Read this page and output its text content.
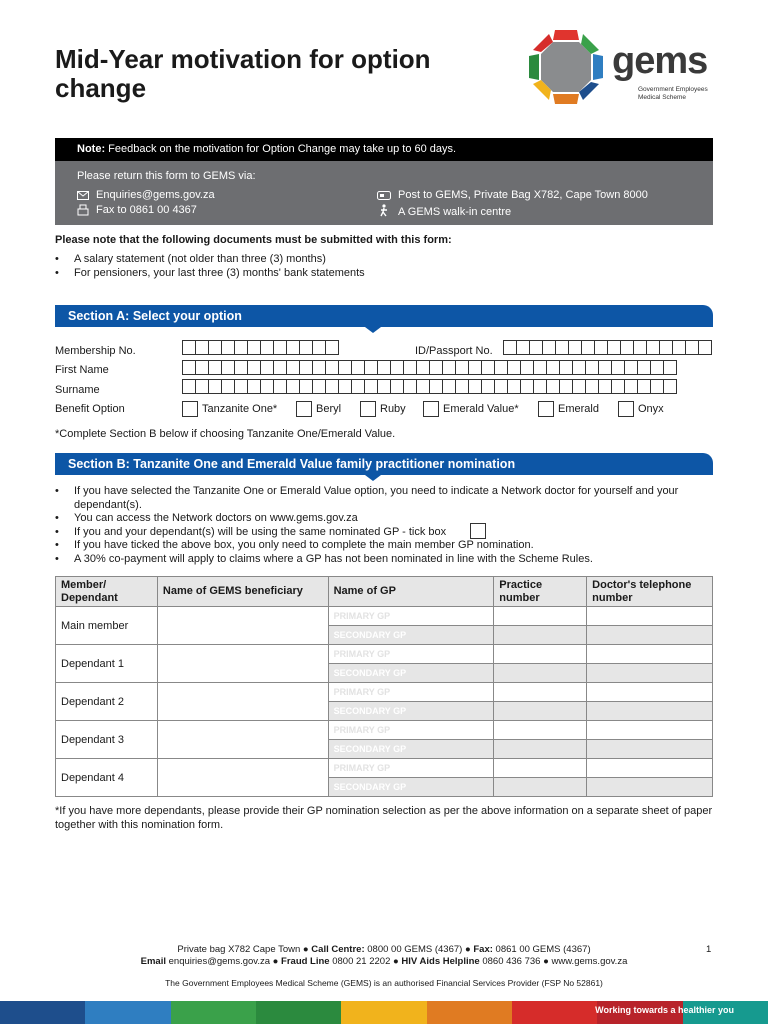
Mid-Year motivation for option change
gems
Government Employees
Medical Scheme
Note: Feedback on the motivation for Option Change may take up to 60 days.
Please return this form to GEMS via:
Enquiries@gems.gov.za
Fax to 0861 00 4367
Post to GEMS, Private Bag X782, Cape Town 8000
A GEMS walk-in centre
Please note that the following documents must be submitted with this form:
• A salary statement (not older than three (3) months)
• For pensioners, your last three (3) months' bank statements
Section A: Select your option
Membership No.	ID/Passport No.
First Name
Surname
Benefit Option	Tanzanite One*	Beryl	Ruby	Emerald Value*	Emerald	Onyx
*Complete Section B below if choosing Tanzanite One/Emerald Value.
Section B: Tanzanite One and Emerald Value family practitioner nomination
• If you have selected the Tanzanite One or Emerald Value option, you need to indicate a Network doctor for yourself and your dependant(s).
• You can access the Network doctors on www.gems.gov.za
• If you and your dependant(s) will be using the same nominated GP - tick box
• If you have ticked the above box, you only need to complete the main member GP nomination.
• A 30% co-payment will apply to claims where a GP has not been nominated in line with the Scheme Rules.
Member/ Dependant	Name of GEMS beneficiary	Name of GP	Practice number	Doctor's telephone number
Main member		PRIMARY GP		
		SECONDARY GP		
Dependant 1		PRIMARY GP		
		SECONDARY GP		
Dependant 2		PRIMARY GP		
		SECONDARY GP		
Dependant 3		PRIMARY GP		
		SECONDARY GP		
Dependant 4		PRIMARY GP		
		SECONDARY GP		
*If you have more dependants, please provide their GP nomination selection as per the above information on a separate sheet of paper together with this nomination form.
Private bag X782 Cape Town ● Call Centre: 0800 00 GEMS (4367) ● Fax: 0861 00 GEMS (4367)
Email enquiries@gems.gov.za ● Fraud Line 0800 21 2202 ● HIV Aids Helpline 0860 436 736 ● www.gems.gov.za
The Government Employees Medical Scheme (GEMS) is an authorised Financial Services Provider (FSP No 52861)
1
Working towards a healthier you
